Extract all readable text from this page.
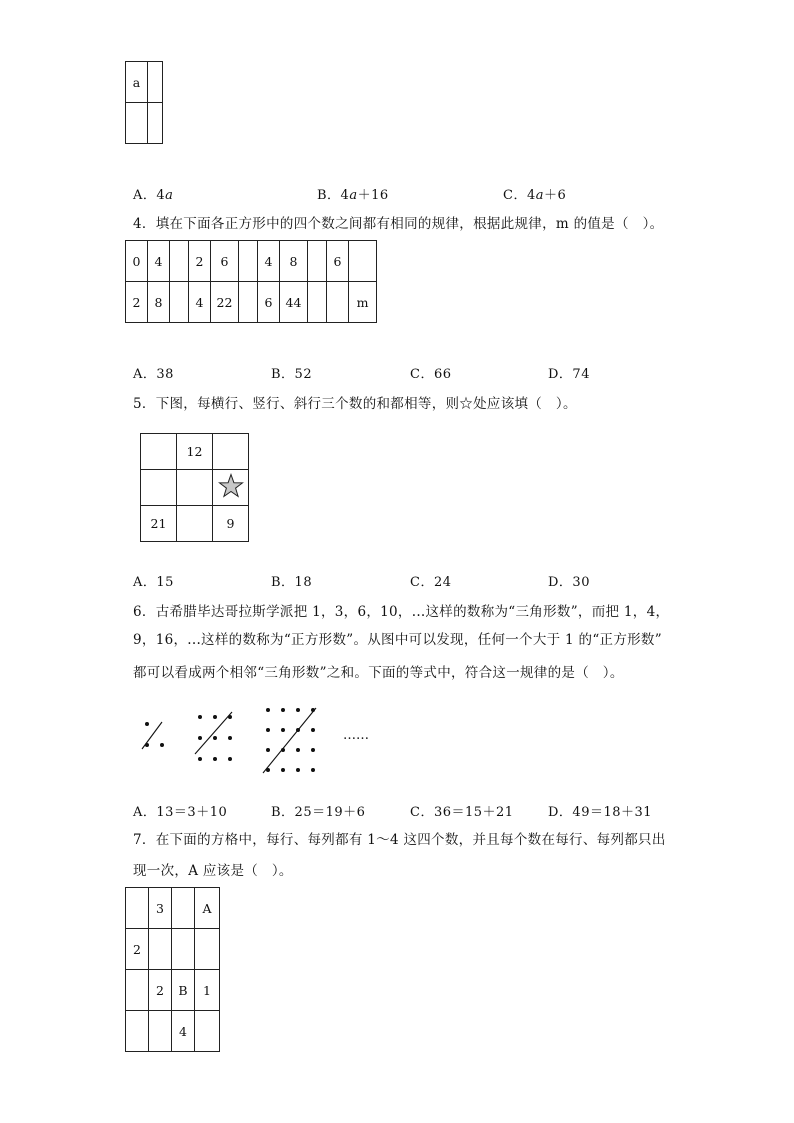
a	

A．4𝑎	B．4𝑎＋16	C．4𝑎＋6
4．填在下面各正方形中的四个数之间都有相同的规律，根据此规律，m 的值是（　）。
0	4		2	6		4	8		6	
2	8		4	22		6	44			m
A．38	B．52	C．66	D．74
5．下图，每横行、竖行、斜行三个数的和都相等，则☆处应该填（　）。
	12	

21		9
A．15	B．18	C．24	D．30
6．古希腊毕达哥拉斯学派把 1，3，6，10，...这样的数称为“三角形数”，而把 1，4，
9，16，...这样的数称为“正方形数”。从图中可以发现，任何一个大于 1 的“正方形数”
都可以看成两个相邻“三角形数”之和。下面的等式中，符合这一规律的是（　）。
……
A．13＝3＋10	B．25＝19＋6	C．36＝15＋21	D．49＝18＋31
7．在下面的方格中，每行、每列都有 1～4 这四个数，并且每个数在每行、每列都只出
现一次，A 应该是（　）。
	3		A
2			
	2	B	1
		4	
